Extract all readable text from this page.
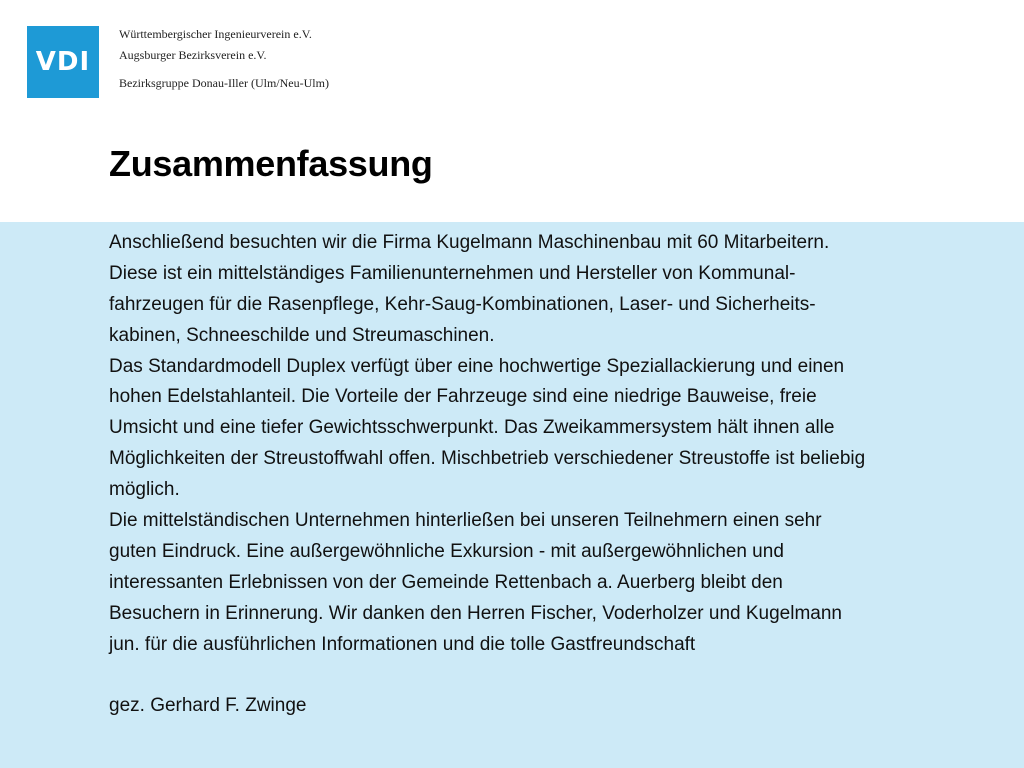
VDI
Württembergischer Ingenieurverein e.V.
Augsburger Bezirksverein e.V.
Bezirksgruppe Donau-Iller (Ulm/Neu-Ulm)
Zusammenfassung
Anschließend besuchten wir die Firma Kugelmann Maschinenbau mit 60 Mitarbeitern.
Diese ist ein mittelständiges Familienunternehmen und Hersteller von Kommunal-
fahrzeugen für die Rasenpflege, Kehr-Saug-Kombinationen, Laser- und Sicherheits-
kabinen, Schneeschilde und Streumaschinen.
Das Standardmodell Duplex verfügt über eine hochwertige Speziallackierung und einen
hohen Edelstahlanteil. Die Vorteile der Fahrzeuge sind eine niedrige Bauweise, freie
Umsicht und eine tiefer Gewichtsschwerpunkt. Das Zweikammersystem hält ihnen alle
Möglichkeiten der Streustoffwahl offen. Mischbetrieb verschiedener Streustoffe ist beliebig
möglich.
Die mittelständischen Unternehmen hinterließen bei unseren Teilnehmern einen sehr
guten Eindruck. Eine außergewöhnliche Exkursion - mit außergewöhnlichen und
interessanten Erlebnissen von der Gemeinde Rettenbach a. Auerberg bleibt den
Besuchern in Erinnerung. Wir danken den Herren Fischer, Voderholzer und Kugelmann
jun. für die ausführlichen Informationen und die tolle Gastfreundschaft
gez. Gerhard F. Zwinge
